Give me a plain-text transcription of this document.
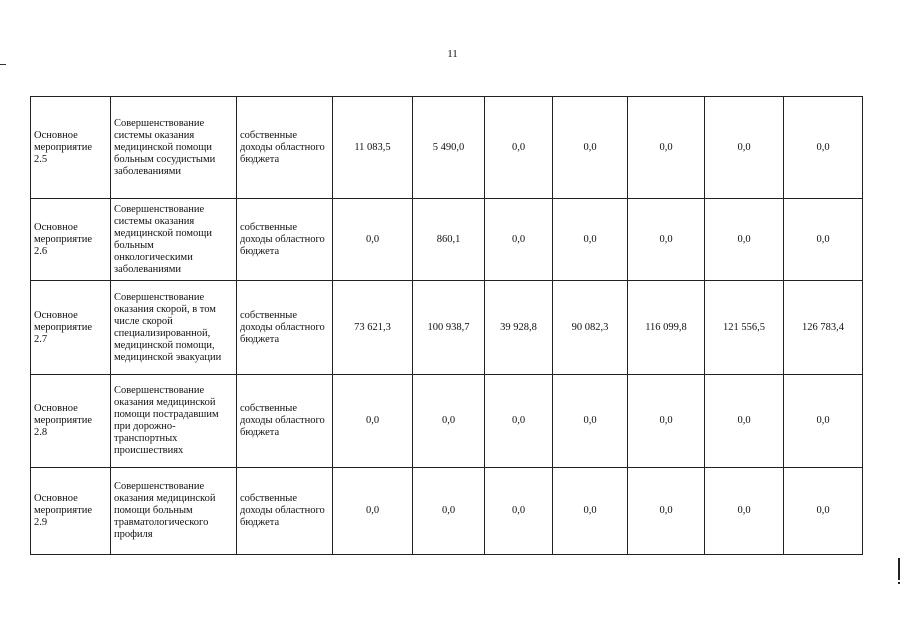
11
Основное мероприятие 2.5	Совершенствование системы оказания медицинской помощи больным сосудистыми заболеваниями	собственные доходы областного бюджета	11 083,5	5 490,0	0,0	0,0	0,0	0,0	0,0
Основное мероприятие 2.6	Совершенствование системы оказания медицинской помощи больным онкологическими заболеваниями	собственные доходы областного бюджета	0,0	860,1	0,0	0,0	0,0	0,0	0,0
Основное мероприятие 2.7	Совершенствование оказания скорой, в том числе скорой специализированной, медицинской помощи, медицинской эвакуации	собственные доходы областного бюджета	73 621,3	100 938,7	39 928,8	90 082,3	116 099,8	121 556,5	126 783,4
Основное мероприятие 2.8	Совершенствование оказания медицинской помощи пострадавшим при дорожно-транспортных происшествиях	собственные доходы областного бюджета	0,0	0,0	0,0	0,0	0,0	0,0	0,0
Основное мероприятие 2.9	Совершенствование оказания медицинской помощи больным травматологического профиля	собственные доходы областного бюджета	0,0	0,0	0,0	0,0	0,0	0,0	0,0
